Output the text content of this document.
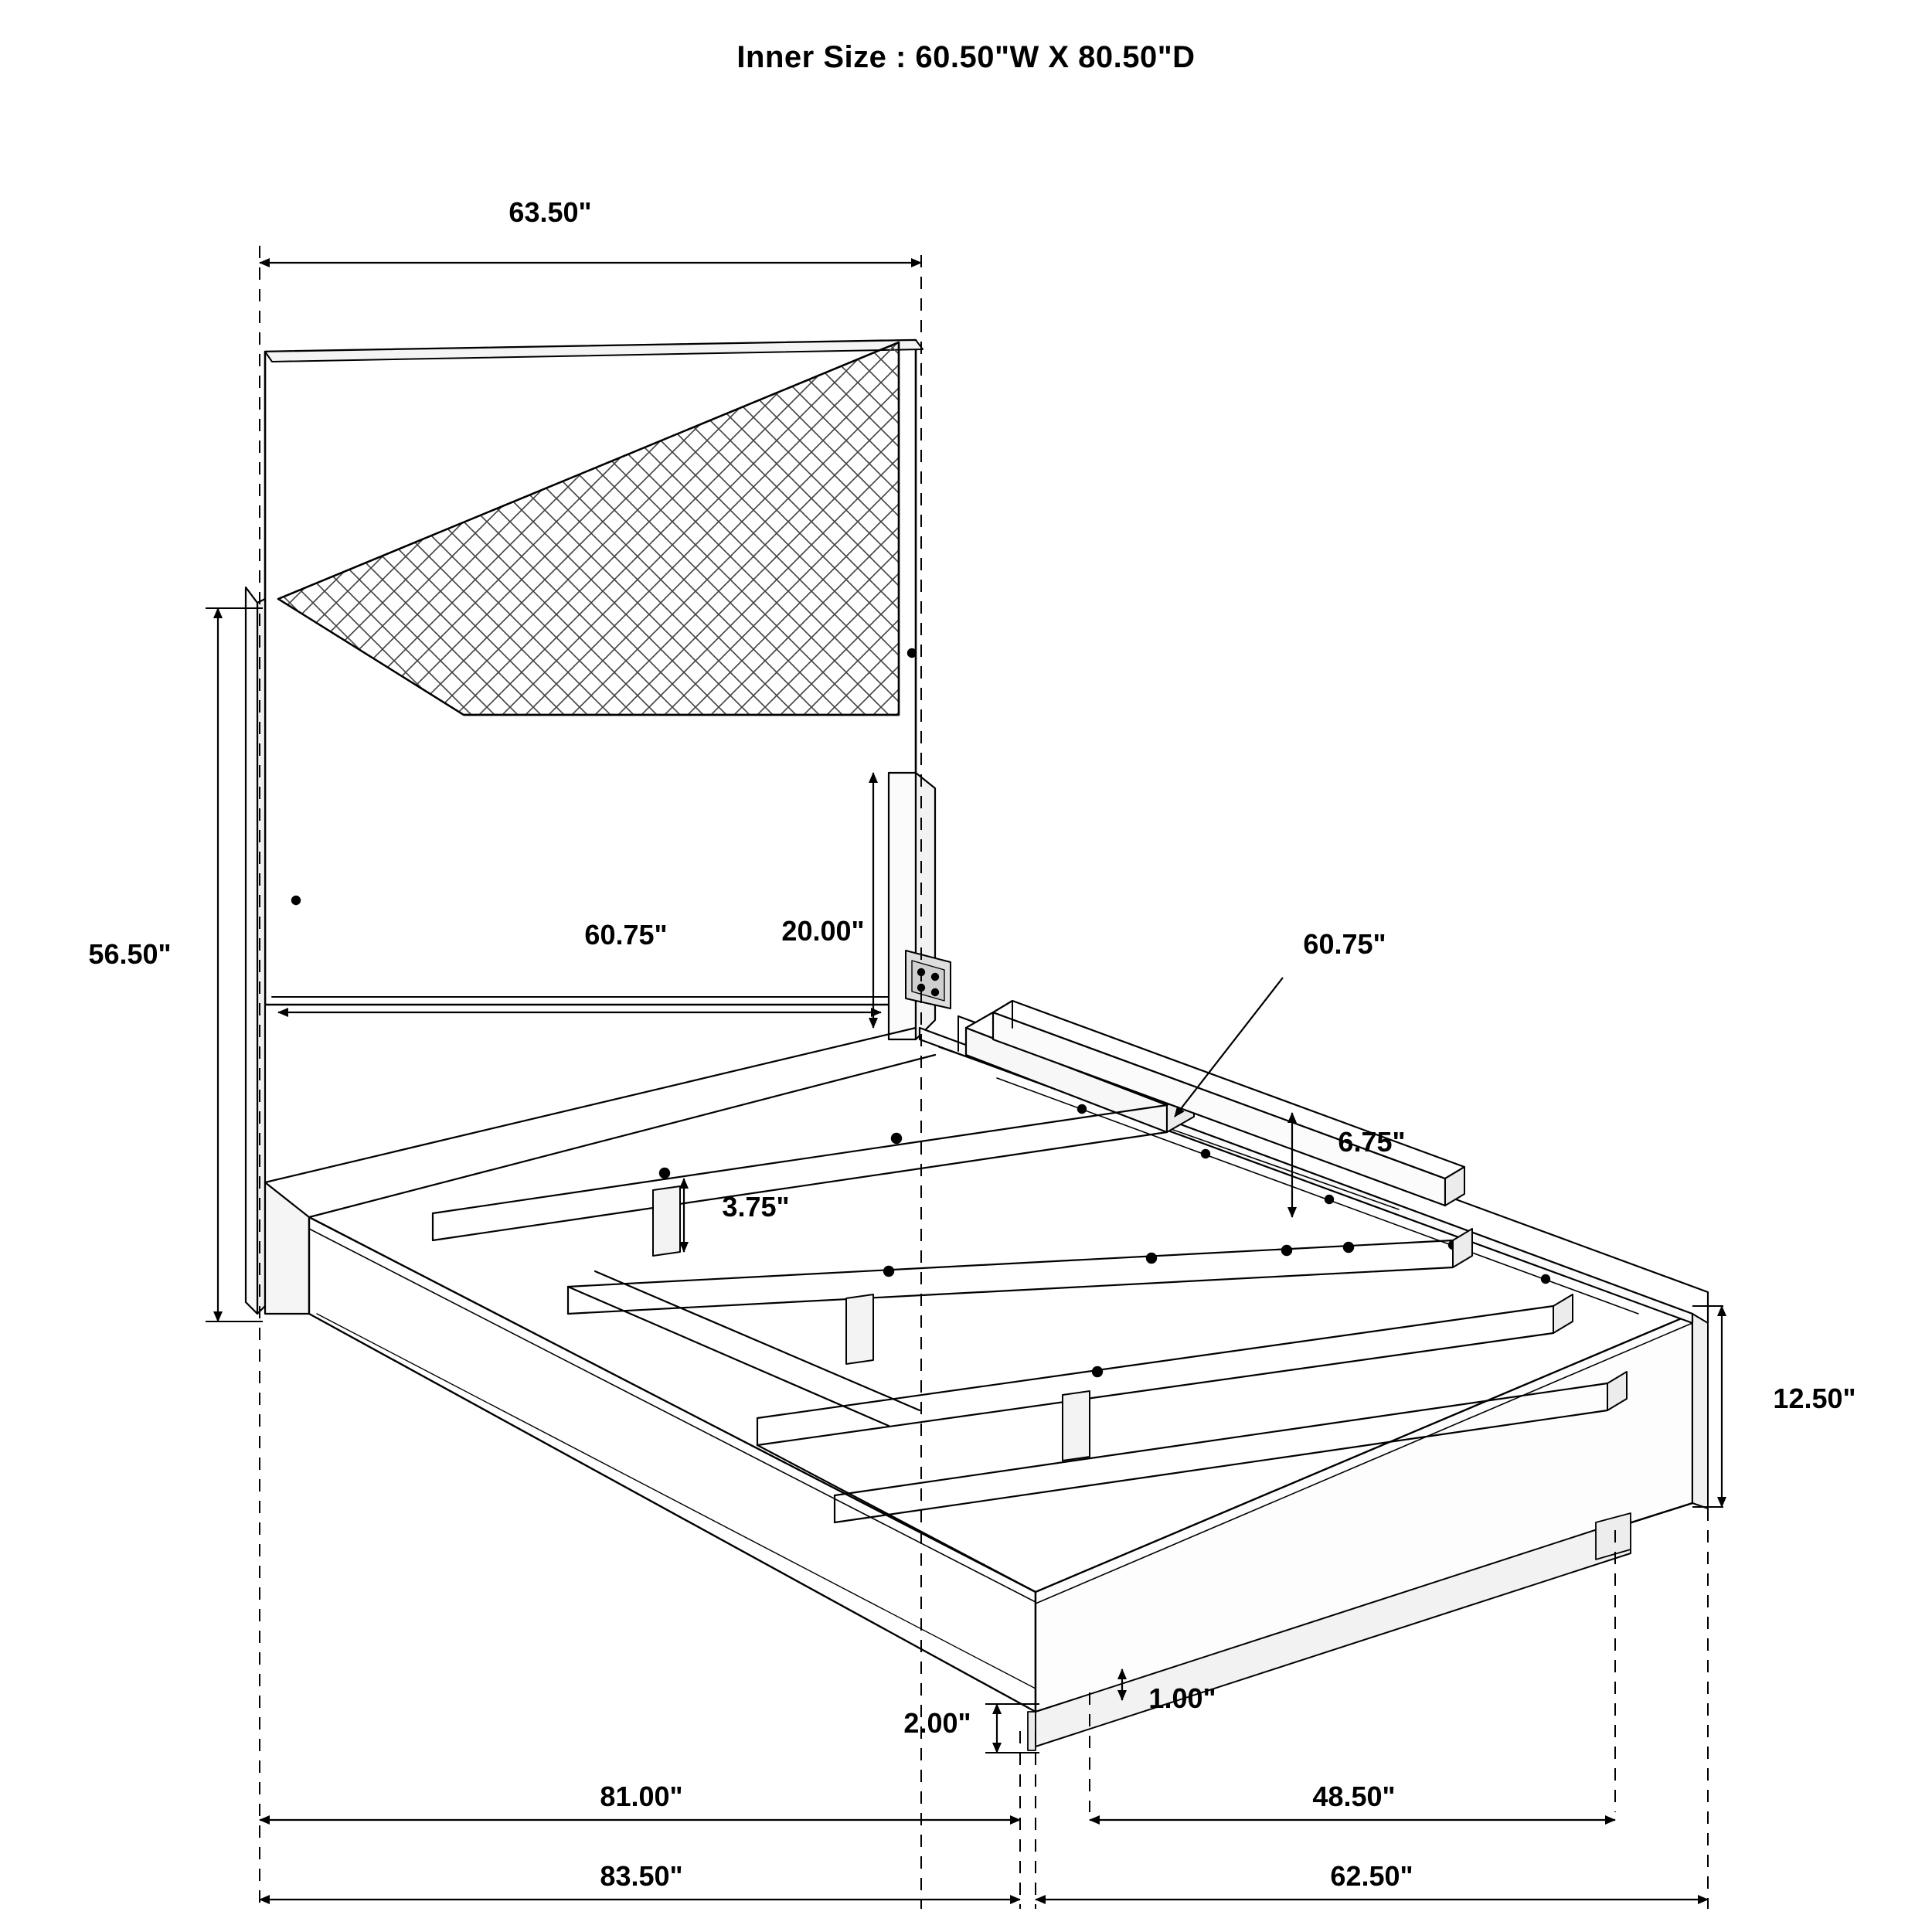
Inner Size : 60.50"W X 80.50"D
63.50"
56.50"
60.75"	20.00"	60.75"
6.75"
3.75"
12.50"
2.00"
1.00"
81.00"	48.50"
83.50"	62.50"
